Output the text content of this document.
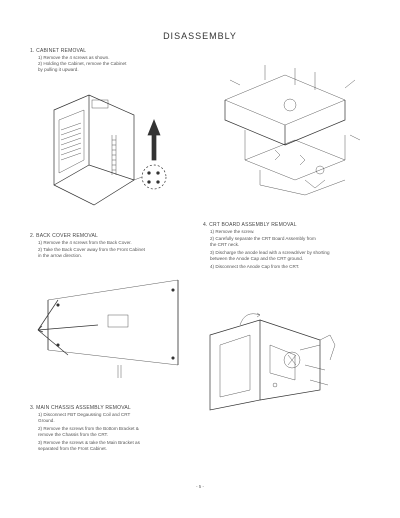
DISASSEMBLY
1. CABINET REMOVAL
1) Remove the 4 screws as shown.
2) Holding the Cabinet, remove the Cabinet
by pulling it upward.
2. BACK COVER REMOVAL
1) Remove the 4 screws from the Back Cover.
2) Take the Back Cover away from the Front Cabinet
in the arrow direction.
3. MAIN CHASSIS ASSEMBLY REMOVAL
1) Disconnect FBT Degaussing Coil and CRT
Ground.
2) Remove the screws from the Bottom Bracket &
remove the Chassis from the CRT.
3) Remove the screws & take the Main Bracket as
separated from the Front Cabinet.
4. CRT BOARD ASSEMBLY REMOVAL
1) Remove the screw.
2) Carefully separate the CRT Board Assembly from
the CRT neck.
3) Discharge the anode lead with a screwdriver by shorting
between the Anode Cap and the CRT ground.
4) Disconnect the Anode Cap from the CRT.
- 5 -
